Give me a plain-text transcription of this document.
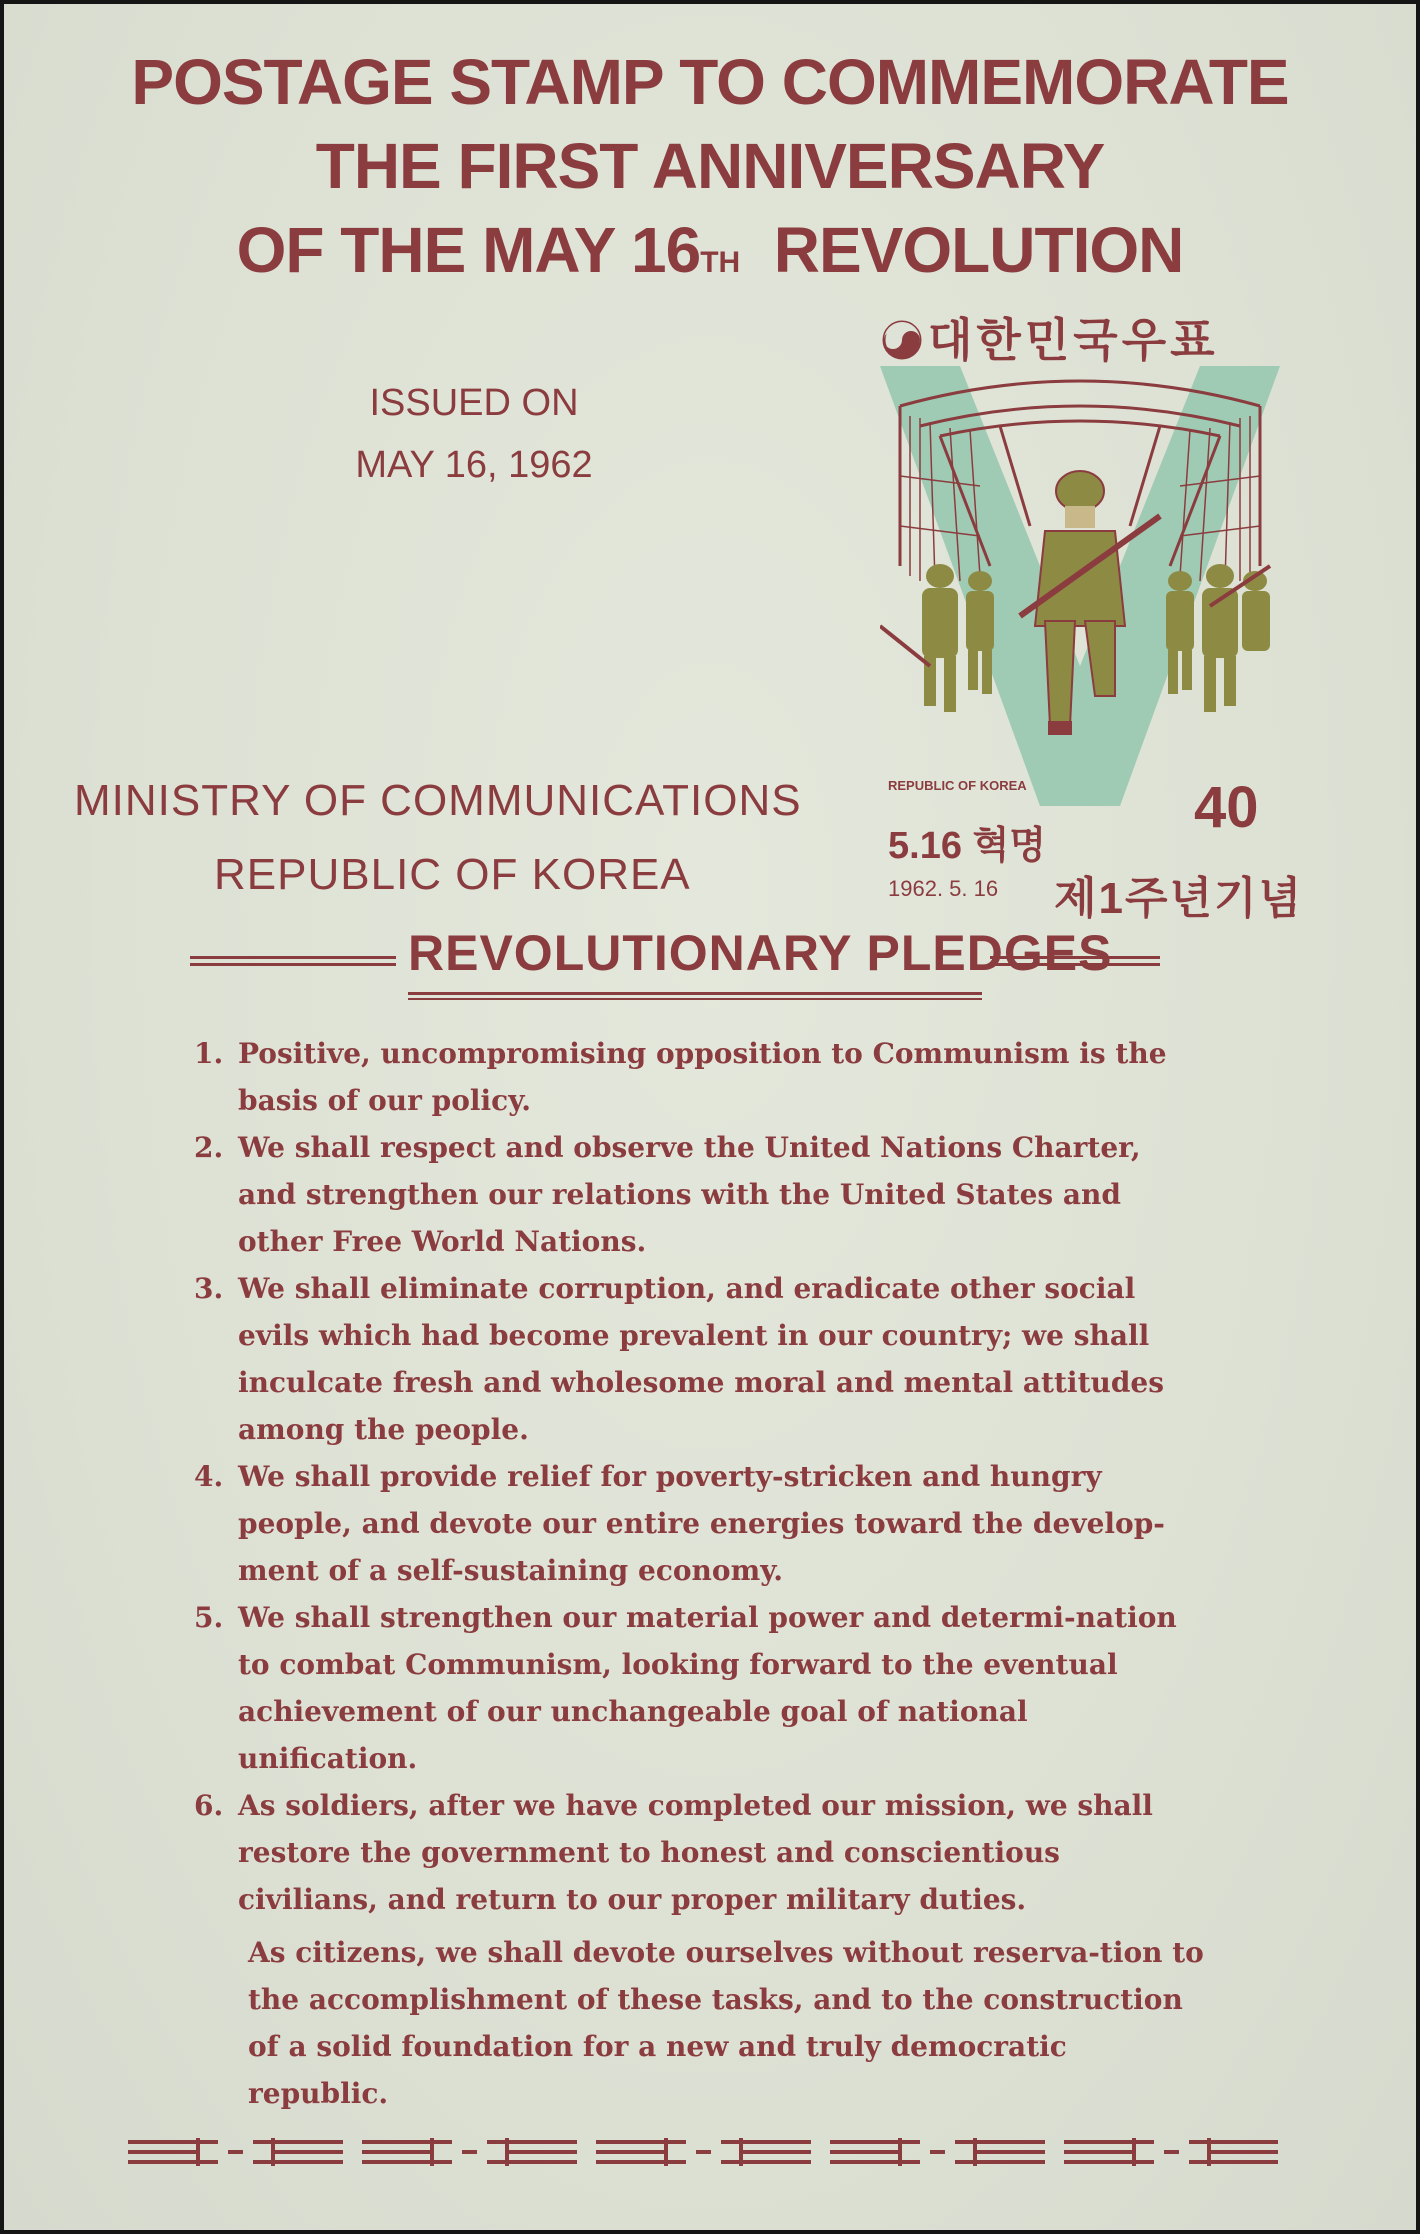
POSTAGE STAMP TO COMMEMORATE
THE FIRST ANNIVERSARY
OF THE MAY 16TH REVOLUTION
ISSUED ON
MAY 16, 1962
MINISTRY OF COMMUNICATIONS
REPUBLIC OF KOREA
대한민국우표
REPUBLIC OF KOREA	40
5.16 혁명
1962. 5. 16 제1주년기념
REVOLUTIONARY PLEDGES
1. Positive, uncompromising opposition to Communism is the basis of our policy.
2. We shall respect and observe the United Nations Charter, and strengthen our relations with the United States and other Free World Nations.
3. We shall eliminate corruption, and eradicate other social evils which had become prevalent in our country; we shall inculcate fresh and wholesome moral and mental attitudes among the people.
4. We shall provide relief for poverty-stricken and hungry people, and devote our entire energies toward the develop-ment of a self-sustaining economy.
5. We shall strengthen our material power and determi-nation to combat Communism, looking forward to the eventual achievement of our unchangeable goal of national unification.
6. As soldiers, after we have completed our mission, we shall restore the government to honest and conscientious civilians, and return to our proper military duties.
As citizens, we shall devote ourselves without reserva-tion to the accomplishment of these tasks, and to the construction of a solid foundation for a new and truly democratic republic.
